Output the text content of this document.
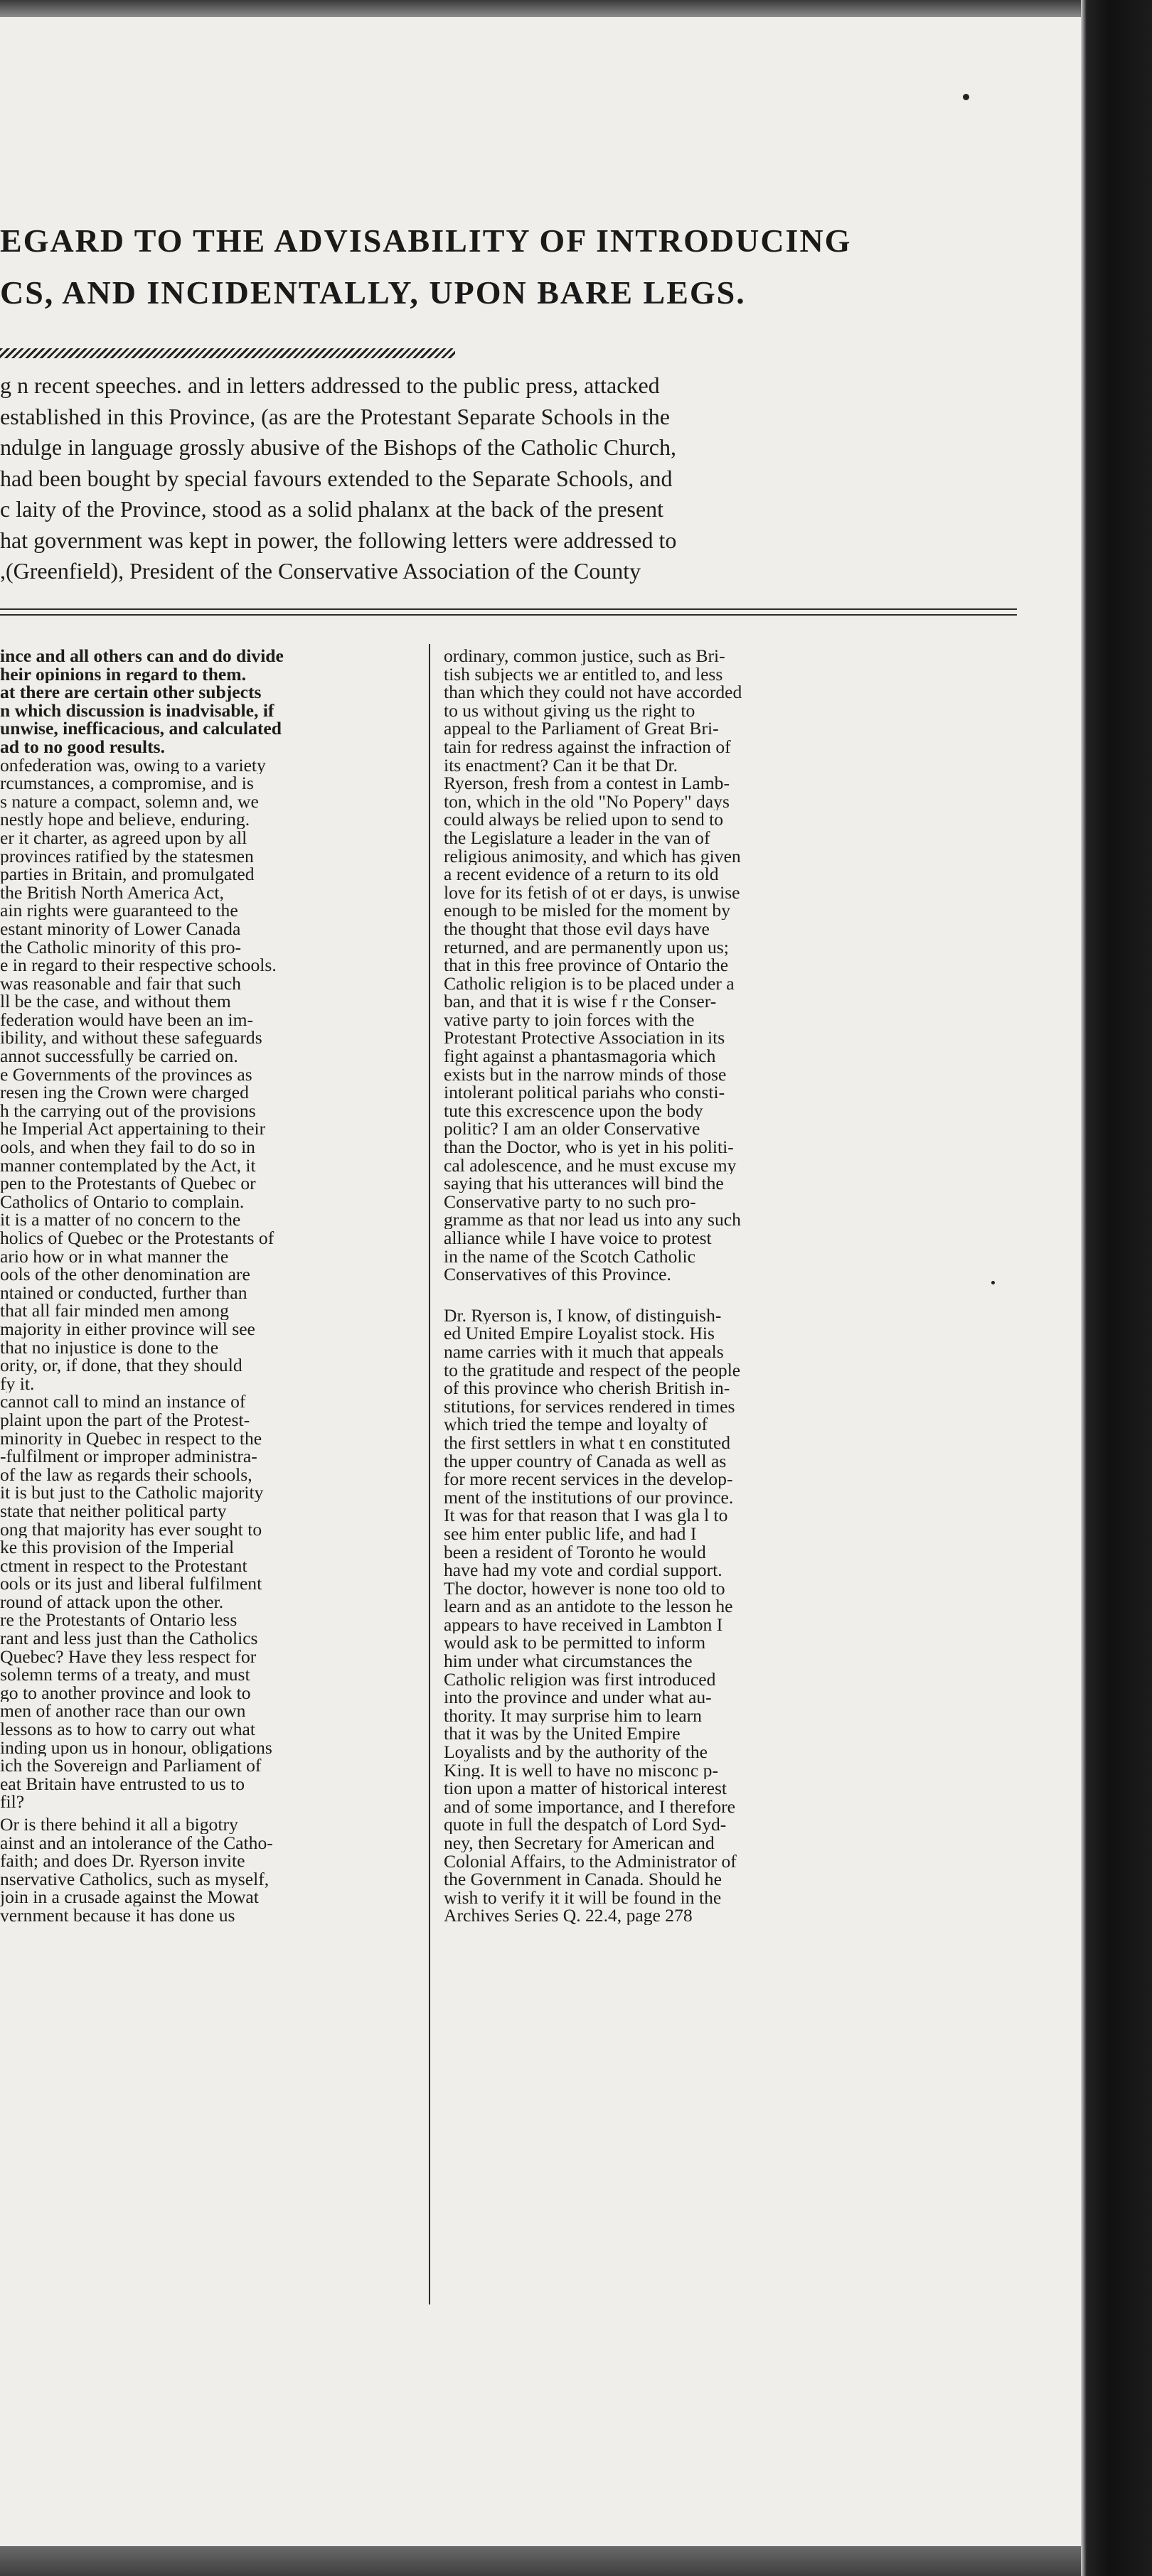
EGARD TO THE ADVISABILITY OF INTRODUCING
CS, AND INCIDENTALLY, UPON BARE LEGS.
g n recent speeches. and in letters addressed to the public press, attacked
established in this Province, (as are the Protestant Separate Schools in the
ndulge in language grossly abusive of the Bishops of the Catholic Church,
had been bought by special favours extended to the Separate Schools, and
c laity of the Province, stood as a solid phalanx at the back of the present
hat government was kept in power, the following letters were addressed to
,(Greenfield), President of the Conservative Association of the County
ince and all others can and do divide
heir opinions in regard to them.
at there are certain other subjects
n which discussion is inadvisable, if
unwise, inefficacious, and calculated
ad to no good results.
onfederation was, owing to a variety
rcumstances, a compromise, and is
s nature a compact, solemn and, we
nestly hope and believe, enduring.
er it charter, as agreed upon by all
provinces ratified by the statesmen
parties in Britain, and promulgated
the British North America Act,
ain rights were guaranteed to the
estant minority of Lower Canada
the Catholic minority of this pro-
e in regard to their respective schools.
was reasonable and fair that such
ll be the case, and without them
federation would have been an im-
ibility, and without these safeguards
annot successfully be carried on.
e Governments of the provinces as
resen ing the Crown were charged
h the carrying out of the provisions
he Imperial Act appertaining to their
ools, and when they fail to do so in
manner contemplated by the Act, it
pen to the Protestants of Quebec or
Catholics of Ontario to complain.
it is a matter of no concern to the
holics of Quebec or the Protestants of
ario how or in what manner the
ools of the other denomination are
ntained or conducted, further than
that all fair minded men among
majority in either province will see
that no injustice is done to the
ority, or, if done, that they should
fy it.
cannot call to mind an instance of
plaint upon the part of the Protest-
minority in Quebec in respect to the
-fulfilment or improper administra-
of the law as regards their schools,
it is but just to the Catholic majority
state that neither political party
ong that majority has ever sought to
ke this provision of the Imperial
ctment in respect to the Protestant
ools or its just and liberal fulfilment
round of attack upon the other.
re the Protestants of Ontario less
rant and less just than the Catholics
Quebec? Have they less respect for
solemn terms of a treaty, and must
go to another province and look to
men of another race than our own
lessons as to how to carry out what
inding upon us in honour, obligations
ich the Sovereign and Parliament of
eat Britain have entrusted to us to
fil?
Or is there behind it all a bigotry
ainst and an intolerance of the Catho-
faith; and does Dr. Ryerson invite
nservative Catholics, such as myself,
join in a crusade against the Mowat
vernment because it has done us
ordinary, common justice, such as Bri-
tish subjects we ar entitled to, and less
than which they could not have accorded
to us without giving us the right to
appeal to the Parliament of Great Bri-
tain for redress against the infraction of
its enactment? Can it be that Dr.
Ryerson, fresh from a contest in Lamb-
ton, which in the old "No Popery" days
could always be relied upon to send to
the Legislature a leader in the van of
religious animosity, and which has given
a recent evidence of a return to its old
love for its fetish of ot er days, is unwise
enough to be misled for the moment by
the thought that those evil days have
returned, and are permanently upon us;
that in this free province of Ontario the
Catholic religion is to be placed under a
ban, and that it is wise f r the Conser-
vative party to join forces with the
Protestant Protective Association in its
fight against a phantasmagoria which
exists but in the narrow minds of those
intolerant political pariahs who consti-
tute this excrescence upon the body
politic? I am an older Conservative
than the Doctor, who is yet in his politi-
cal adolescence, and he must excuse my
saying that his utterances will bind the
Conservative party to no such pro-
gramme as that nor lead us into any such
alliance while I have voice to protest
in the name of the Scotch Catholic
Conservatives of this Province.
Dr. Ryerson is, I know, of distinguish-
ed United Empire Loyalist stock. His
name carries with it much that appeals
to the gratitude and respect of the people
of this province who cherish British in-
stitutions, for services rendered in times
which tried the tempe and loyalty of
the first settlers in what t en constituted
the upper country of Canada as well as
for more recent services in the develop-
ment of the institutions of our province.
It was for that reason that I was gla l to
see him enter public life, and had I
been a resident of Toronto he would
have had my vote and cordial support.
The doctor, however is none too old to
learn and as an antidote to the lesson he
appears to have received in Lambton I
would ask to be permitted to inform
him under what circumstances the
Catholic religion was first introduced
into the province and under what au-
thority. It may surprise him to learn
that it was by the United Empire
Loyalists and by the authority of the
King. It is well to have no misconc p-
tion upon a matter of historical interest
and of some importance, and I therefore
quote in full the despatch of Lord Syd-
ney, then Secretary for American and
Colonial Affairs, to the Administrator of
the Government in Canada. Should he
wish to verify it it will be found in the
Archives Series Q. 22.4, page 278
